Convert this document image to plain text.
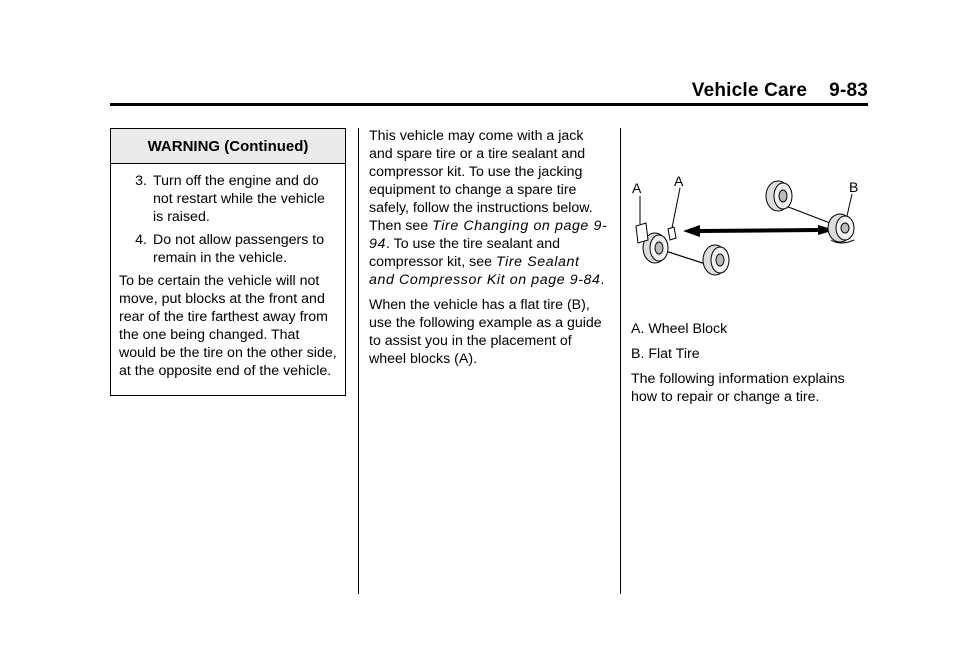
Vehicle Care 9-83
WARNING (Continued)
3. Turn off the engine and do not restart while the vehicle is raised.
4. Do not allow passengers to remain in the vehicle.
To be certain the vehicle will not move, put blocks at the front and rear of the tire farthest away from the one being changed. That would be the tire on the other side, at the opposite end of the vehicle.

This vehicle may come with a jack and spare tire or a tire sealant and compressor kit. To use the jacking equipment to change a spare tire safely, follow the instructions below. Then see Tire Changing on page 9-94. To use the tire sealant and compressor kit, see Tire Sealant and Compressor Kit on page 9-84.

When the vehicle has a flat tire (B), use the following example as a guide to assist you in the placement of wheel blocks (A).

A A	B

A. Wheel Block

B. Flat Tire

The following information explains how to repair or change a tire.
